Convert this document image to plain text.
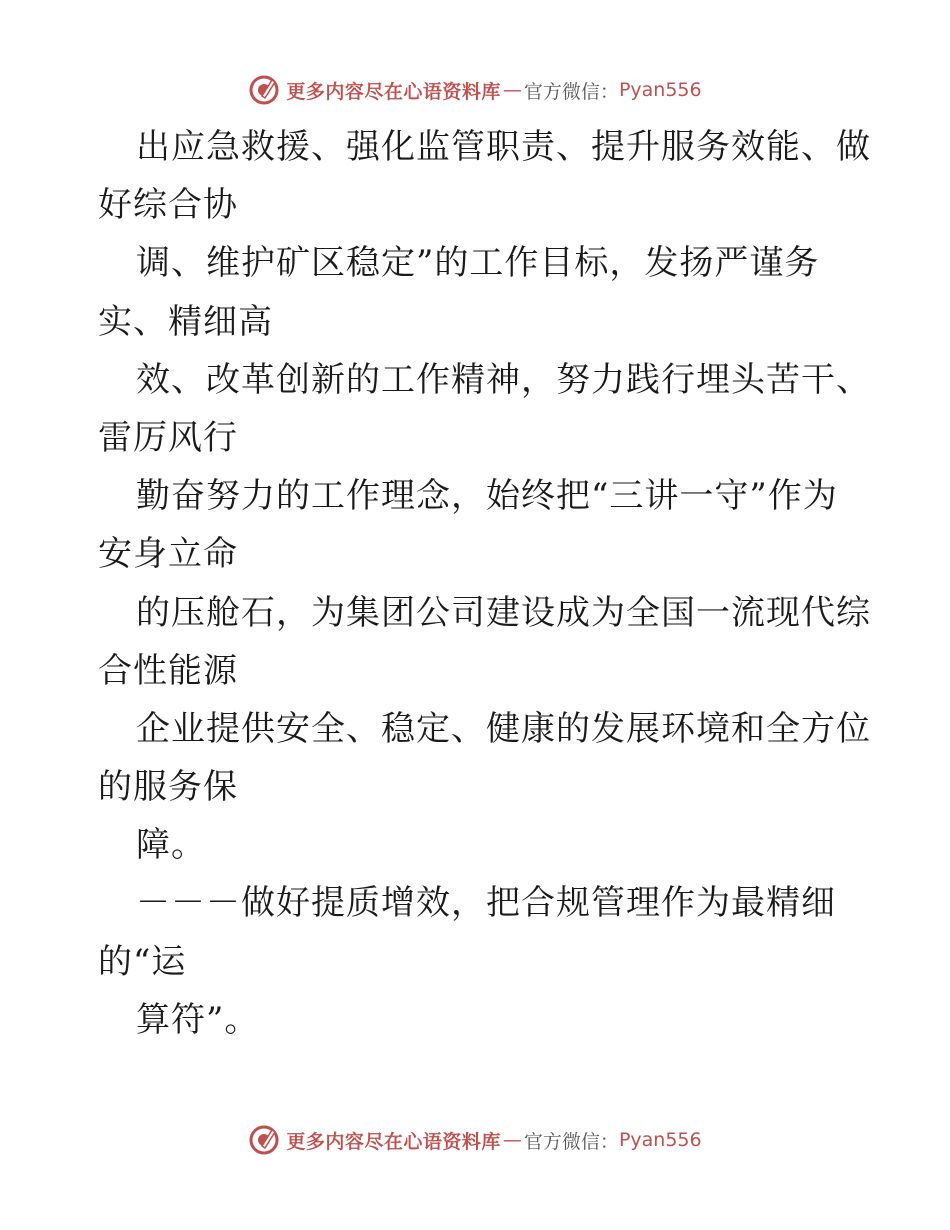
更多内容尽在心语资料库 — 官方微信： Pyan556
出应急救援、强化监管职责、提升服务效能、做
好综合协
调、维护矿区稳定”的工作目标，发扬严谨务
实、精细高
效、改革创新的工作精神，努力践行埋头苦干、
雷厉风行
勤奋努力的工作理念，始终把“三讲一守”作为
安身立命
的压舱石，为集团公司建设成为全国一流现代综
合性能源
企业提供安全、稳定、健康的发展环境和全方位
的服务保
障。
－－－做好提质增效，把合规管理作为最精细
的“运
算符”。
更多内容尽在心语资料库 — 官方微信： Pyan556
